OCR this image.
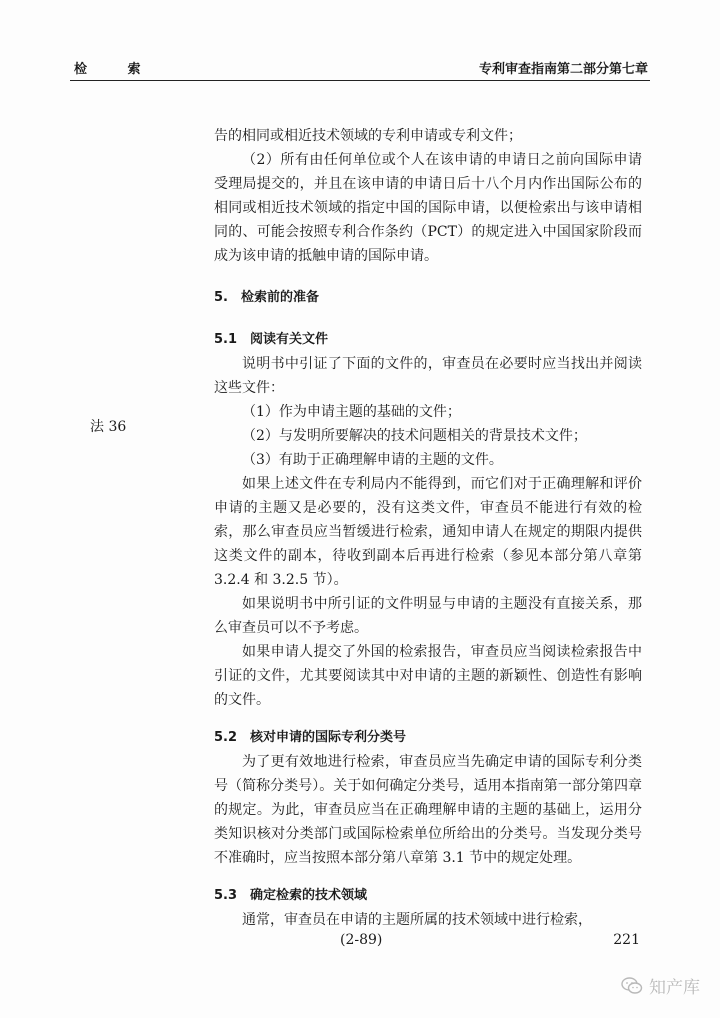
检 索	专利审查指南第二部分第七章
法 36

告的相同或相近技术领域的专利申请或专利文件；

（2）所有由任何单位或个人在该申请的申请日之前向国际申请受理局提交的，并且在该申请的申请日后十八个月内作出国际公布的相同或相近技术领域的指定中国的国际申请，以便检索出与该申请相同的、可能会按照专利合作条约（PCT）的规定进入中国国家阶段而成为该申请的抵触申请的国际申请。

5.　检索前的准备

5.1　阅读有关文件

说明书中引证了下面的文件的，审查员在必要时应当找出并阅读这些文件：

（1）作为申请主题的基础的文件；

（2）与发明所要解决的技术问题相关的背景技术文件；

（3）有助于正确理解申请的主题的文件。

如果上述文件在专利局内不能得到，而它们对于正确理解和评价申请的主题又是必要的，没有这类文件，审查员不能进行有效的检索，那么审查员应当暂缓进行检索，通知申请人在规定的期限内提供这类文件的副本，待收到副本后再进行检索（参见本部分第八章第 3.2.4 和 3.2.5 节）。

如果说明书中所引证的文件明显与申请的主题没有直接关系，那么审查员可以不予考虑。

如果申请人提交了外国的检索报告，审查员应当阅读检索报告中引证的文件，尤其要阅读其中对申请的主题的新颖性、创造性有影响的文件。

5.2　核对申请的国际专利分类号

为了更有效地进行检索，审查员应当先确定申请的国际专利分类号（简称分类号）。关于如何确定分类号，适用本指南第一部分第四章的规定。为此，审查员应当在正确理解申请的主题的基础上，运用分类知识核对分类部门或国际检索单位所给出的分类号。当发现分类号不准确时，应当按照本部分第八章第 3.1 节中的规定处理。

5.3　确定检索的技术领域

通常，审查员在申请的主题所属的技术领域中进行检索，

(2-89)	221
知产库
